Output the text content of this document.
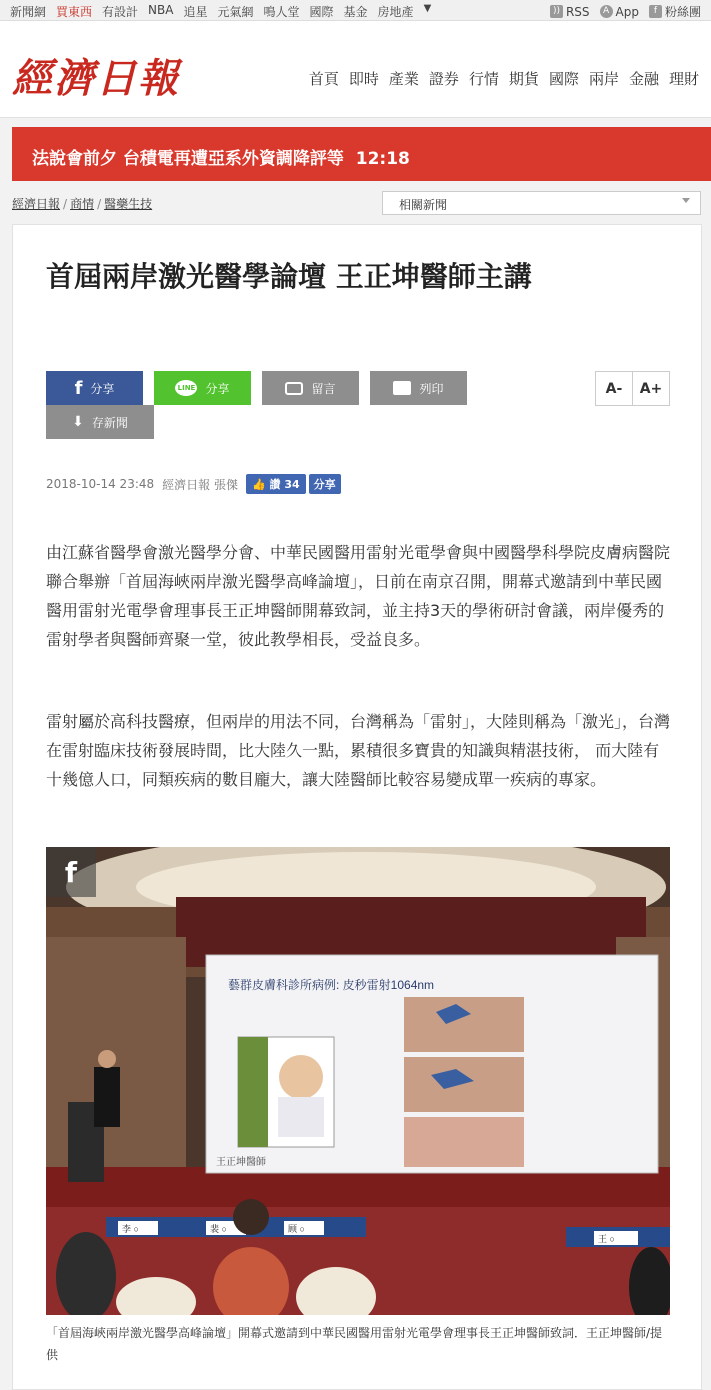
新聞網 買東西 有設計 NBA 追星 元氣網 鳴人堂 國際 基金 房地產 ▼	)) RSS	A App	f 粉絲團
經濟日報	首頁 即時 產業 證券 行情 期貨 國際 兩岸 金融 理財
法說會前夕 台積電再遭亞系外資調降評等 12:18
經濟日報 / 商情 / 醫藥生技	相關新聞
首屆兩岸激光醫學論壇 王正坤醫師主講
f 分享	LINE 分享	留言	列印
⬇ 存新聞
A-	A+
2018-10-14 23:48 經濟日報 張傑	👍 讚 34	分享

由江蘇省醫學會激光醫學分會、中華民國醫用雷射光電學會與中國醫學科學院皮膚病醫院聯合舉辦「首屆海峽兩岸激光醫學高峰論壇」，日前在南京召開，開幕式邀請到中華民國醫用雷射光電學會理事長王正坤醫師開幕致詞，並主持3天的學術研討會議，兩岸優秀的雷射學者與醫師齊聚一堂，彼此教學相長，受益良多。

雷射屬於高科技醫療，但兩岸的用法不同，台灣稱為「雷射」，大陸則稱為「激光」，台灣在雷射臨床技術發展時間，比大陸久一點，累積很多寶貴的知識與精湛技術， 而大陸有十幾億人口，同類疾病的數目龐大，讓大陸醫師比較容易變成單一疾病的專家。

藝群皮膚科診所病例: 皮秒雷射1064nm
王正坤醫師
李 ○	裴 ○	顾 ○
王 ○
f
「首屆海峽兩岸激光醫學高峰論壇」開幕式邀請到中華民國醫用雷射光電學會理事長王正坤醫師致詞．王正坤醫師/提供
